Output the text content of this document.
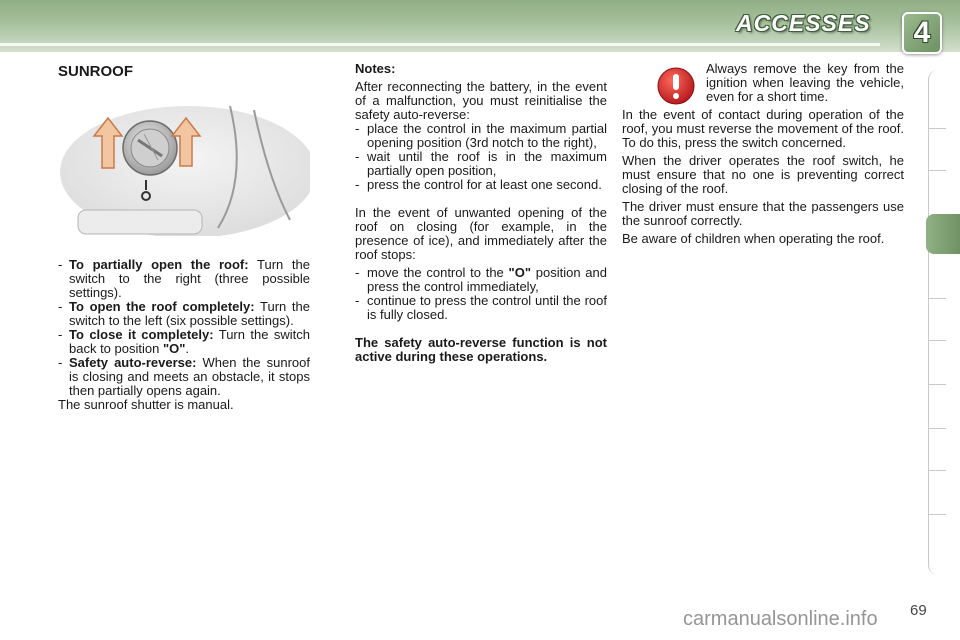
ACCESSES 4
SUNROOF
- To partially open the roof: Turn the switch to the right (three possible settings).
- To open the roof completely: Turn the switch to the left (six possible settings).
- To close it completely: Turn the switch back to position "O".
- Safety auto-reverse: When the sunroof is closing and meets an obstacle, it stops then partially opens again.

The sunroof shutter is manual.

Notes:

After reconnecting the battery, in the event of a malfunction, you must reinitialise the safety auto-reverse:

- place the control in the maximum partial opening position (3rd notch to the right),
- wait until the roof is in the maximum partially open position,
- press the control for at least one second.

In the event of unwanted opening of the roof on closing (for example, in the presence of ice), and immediately after the roof stops:

- move the control to the "O" position and press the control immediately,
- continue to press the control until the roof is fully closed.

The safety auto-reverse function is not active during these operations.

Always remove the key from the ignition when leaving the vehicle, even for a short time.

In the event of contact during operation of the roof, you must reverse the movement of the roof. To do this, press the switch concerned.

When the driver operates the roof switch, he must ensure that no one is preventing correct closing of the roof.

The driver must ensure that the passengers use the sunroof correctly.

Be aware of children when operating the roof.

69
carmanualsonline.info
